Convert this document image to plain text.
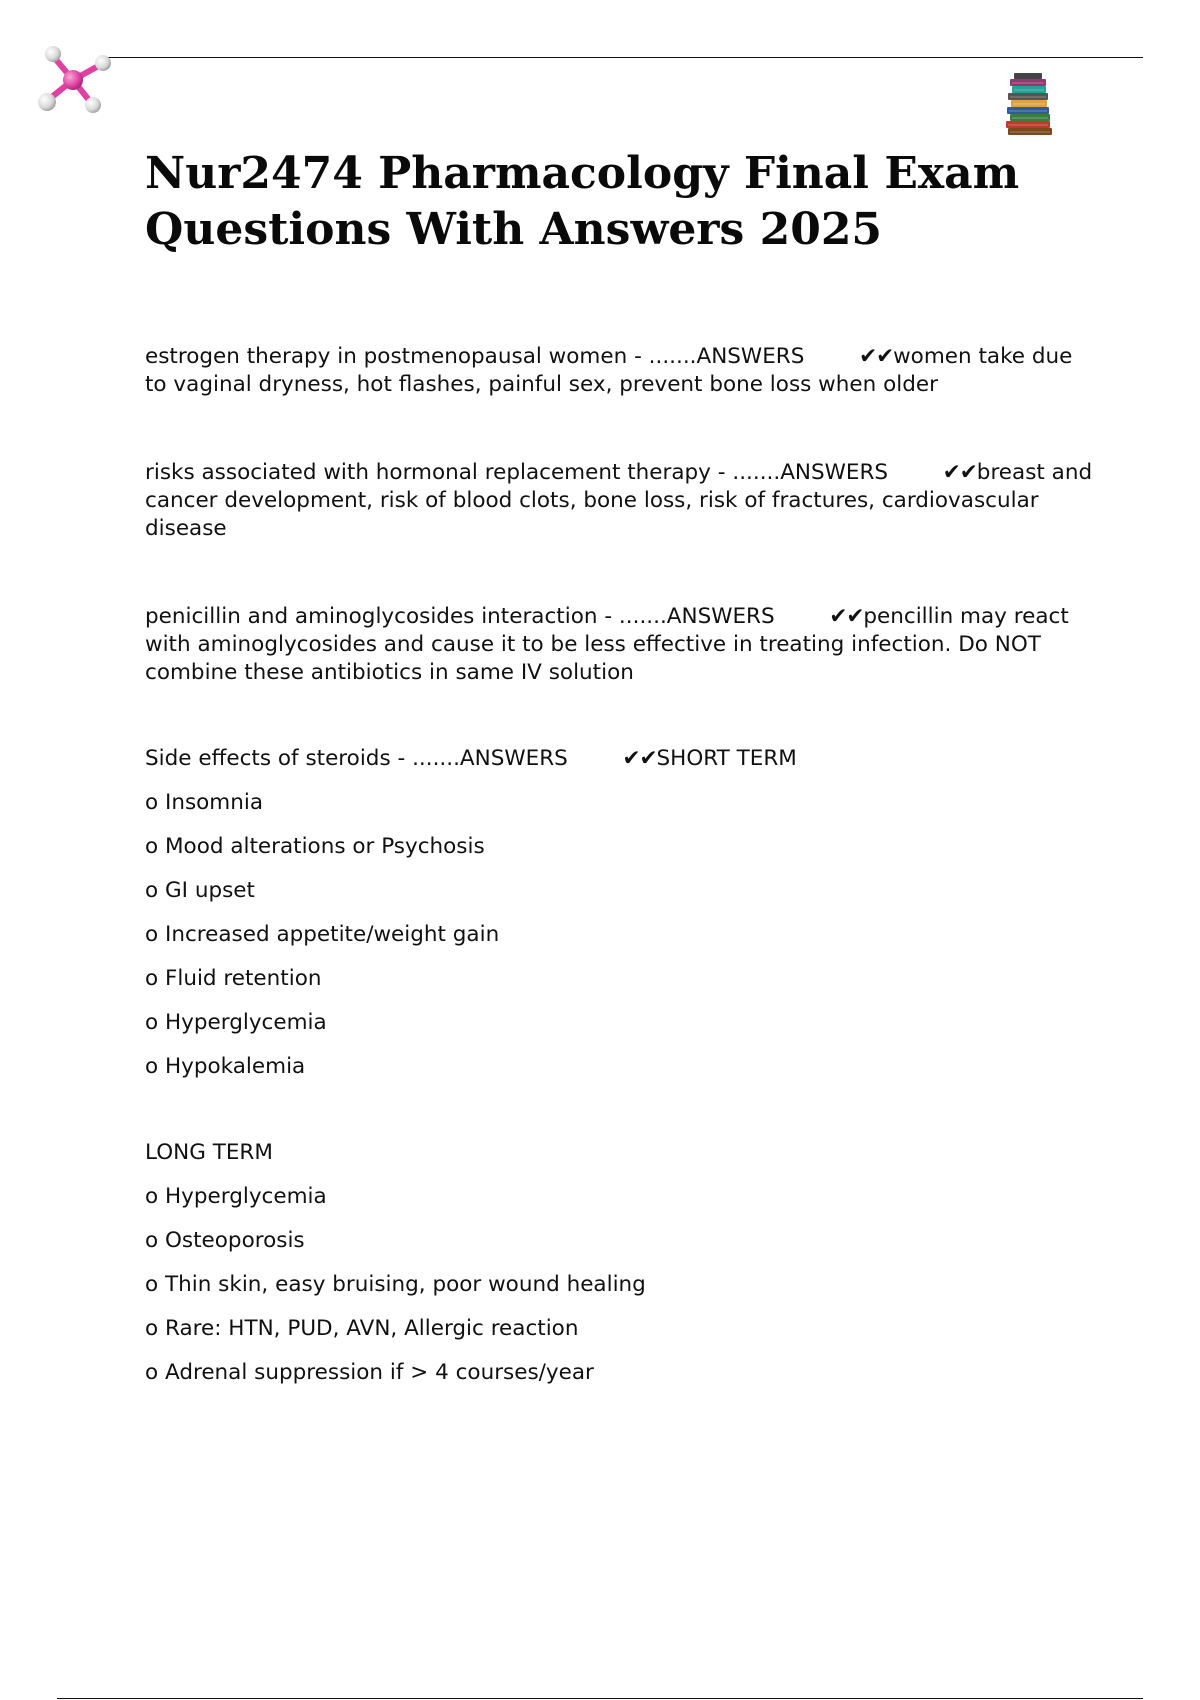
Nur2474 Pharmacology Final Exam Questions With Answers 2025

estrogen therapy in postmenopausal women - .......ANSWERS	✔✔women take due to vaginal dryness, hot flashes, painful sex, prevent bone loss when older

risks associated with hormonal replacement therapy - .......ANSWERS	✔✔breast and cancer development, risk of blood clots, bone loss, risk of fractures, cardiovascular disease

penicillin and aminoglycosides interaction - .......ANSWERS	✔✔pencillin may react with aminoglycosides and cause it to be less effective in treating infection. Do NOT combine these antibiotics in same IV solution

Side effects of steroids - .......ANSWERS	✔✔SHORT TERM

o Insomnia
o Mood alterations or Psychosis
o GI upset
o Increased appetite/weight gain
o Fluid retention
o Hyperglycemia
o Hypokalemia

LONG TERM

o Hyperglycemia
o Osteoporosis
o Thin skin, easy bruising, poor wound healing
o Rare: HTN, PUD, AVN, Allergic reaction
o Adrenal suppression if > 4 courses/year
